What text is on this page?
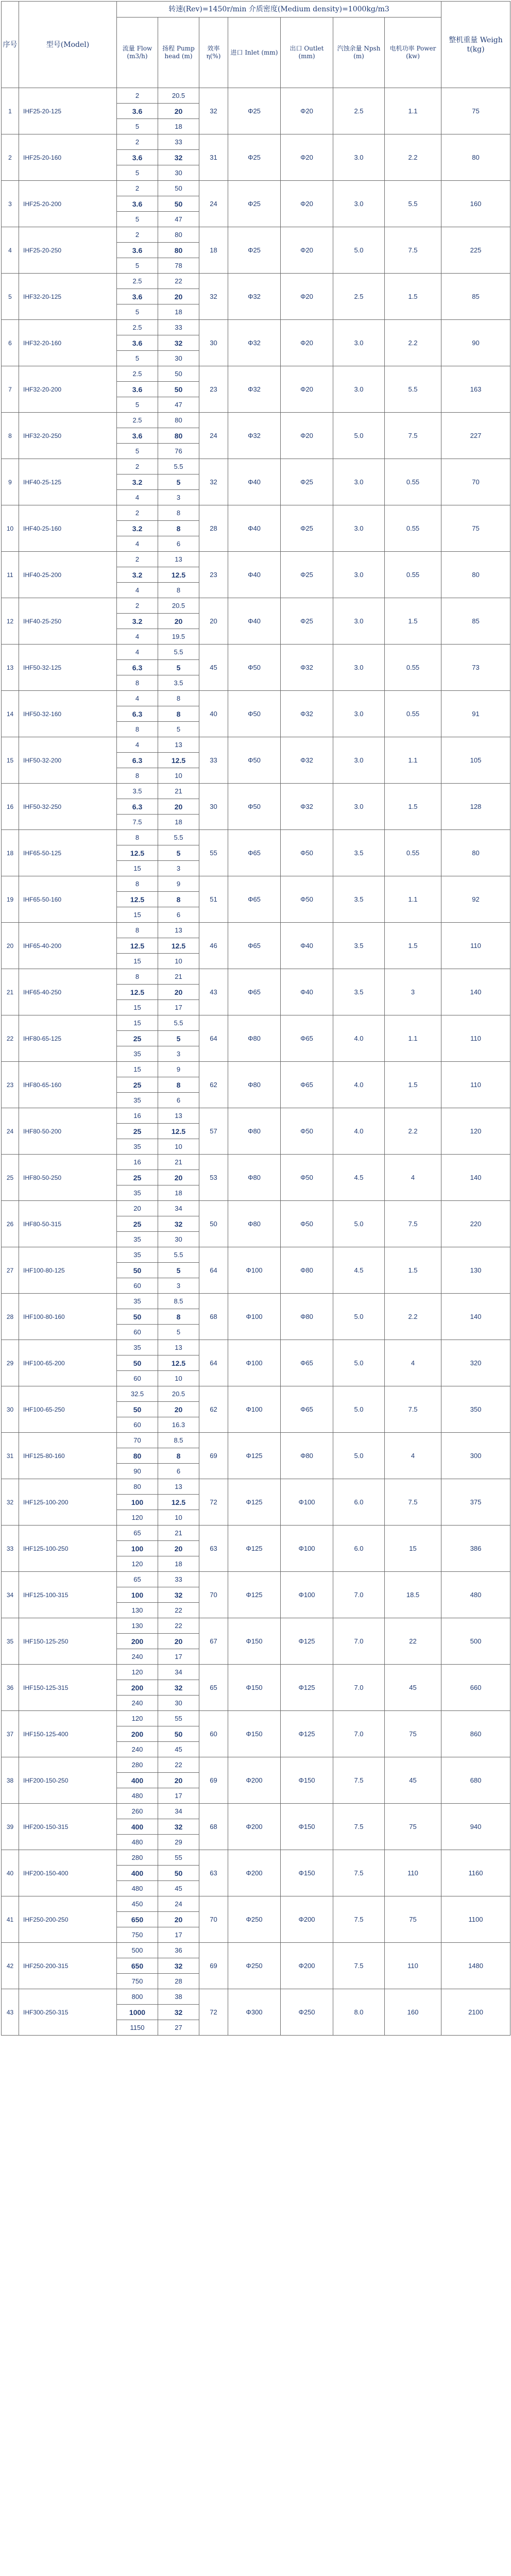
序号	型号(Model)	转速(Rev)=1450r/min 介质密度(Medium density)=1000kg/m3							整机重量 Weigh t(kg)
		流量 Flow (m3/h)	扬程 Pump head (m)	效率 η(%)	进口 Inlet (mm)	出口 Outlet (mm)	汽蚀余量 Npsh (m)	电机功率 Power (kw)	
1	IHF25-20-125	2	20.5	32	Φ25	Φ20	2.5	1.1	75
		3.6	20						
		5	18						
2	IHF25-20-160	2	33	31	Φ25	Φ20	3.0	2.2	80
		3.6	32						
		5	30						
3	IHF25-20-200	2	50	24	Φ25	Φ20	3.0	5.5	160
		3.6	50						
		5	47						
4	IHF25-20-250	2	80	18	Φ25	Φ20	5.0	7.5	225
		3.6	80						
		5	78						
5	IHF32-20-125	2.5	22	32	Φ32	Φ20	2.5	1.5	85
		3.6	20						
		5	18						
6	IHF32-20-160	2.5	33	30	Φ32	Φ20	3.0	2.2	90
		3.6	32						
		5	30						
7	IHF32-20-200	2.5	50	23	Φ32	Φ20	3.0	5.5	163
		3.6	50						
		5	47						
8	IHF32-20-250	2.5	80	24	Φ32	Φ20	5.0	7.5	227
		3.6	80						
		5	76						
9	IHF40-25-125	2	5.5	32	Φ40	Φ25	3.0	0.55	70
		3.2	5						
		4	3						
10	IHF40-25-160	2	8	28	Φ40	Φ25	3.0	0.55	75
		3.2	8						
		4	6						
11	IHF40-25-200	2	13	23	Φ40	Φ25	3.0	0.55	80
		3.2	12.5						
		4	8						
12	IHF40-25-250	2	20.5	20	Φ40	Φ25	3.0	1.5	85
		3.2	20						
		4	19.5						
13	IHF50-32-125	4	5.5	45	Φ50	Φ32	3.0	0.55	73
		6.3	5						
		8	3.5						
14	IHF50-32-160	4	8	40	Φ50	Φ32	3.0	0.55	91
		6.3	8						
		8	5						
15	IHF50-32-200	4	13	33	Φ50	Φ32	3.0	1.1	105
		6.3	12.5						
		8	10						
16	IHF50-32-250	3.5	21	30	Φ50	Φ32	3.0	1.5	128
		6.3	20						
		7.5	18						
18	IHF65-50-125	8	5.5	55	Φ65	Φ50	3.5	0.55	80
		12.5	5						
		15	3						
19	IHF65-50-160	8	9	51	Φ65	Φ50	3.5	1.1	92
		12.5	8						
		15	6						
20	IHF65-40-200	8	13	46	Φ65	Φ40	3.5	1.5	110
		12.5	12.5						
		15	10						
21	IHF65-40-250	8	21	43	Φ65	Φ40	3.5	3	140
		12.5	20						
		15	17						
22	IHF80-65-125	15	5.5	64	Φ80	Φ65	4.0	1.1	110
		25	5						
		35	3						
23	IHF80-65-160	15	9	62	Φ80	Φ65	4.0	1.5	110
		25	8						
		35	6						
24	IHF80-50-200	16	13	57	Φ80	Φ50	4.0	2.2	120
		25	12.5						
		35	10						
25	IHF80-50-250	16	21	53	Φ80	Φ50	4.5	4	140
		25	20						
		35	18						
26	IHF80-50-315	20	34	50	Φ80	Φ50	5.0	7.5	220
		25	32						
		35	30						
27	IHF100-80-125	35	5.5	64	Φ100	Φ80	4.5	1.5	130
		50	5						
		60	3						
28	IHF100-80-160	35	8.5	68	Φ100	Φ80	5.0	2.2	140
		50	8						
		60	5						
29	IHF100-65-200	35	13	64	Φ100	Φ65	5.0	4	320
		50	12.5						
		60	10						
30	IHF100-65-250	32.5	20.5	62	Φ100	Φ65	5.0	7.5	350
		50	20						
		60	16.3						
31	IHF125-80-160	70	8.5	69	Φ125	Φ80	5.0	4	300
		80	8						
		90	6						
32	IHF125-100-200	80	13	72	Φ125	Φ100	6.0	7.5	375
		100	12.5						
		120	10						
33	IHF125-100-250	65	21	63	Φ125	Φ100	6.0	15	386
		100	20						
		120	18						
34	IHF125-100-315	65	33	70	Φ125	Φ100	7.0	18.5	480
		100	32						
		130	22						
35	IHF150-125-250	130	22	67	Φ150	Φ125	7.0	22	500
		200	20						
		240	17						
36	IHF150-125-315	120	34	65	Φ150	Φ125	7.0	45	660
		200	32						
		240	30						
37	IHF150-125-400	120	55	60	Φ150	Φ125	7.0	75	860
		200	50						
		240	45						
38	IHF200-150-250	280	22	69	Φ200	Φ150	7.5	45	680
		400	20						
		480	17						
39	IHF200-150-315	260	34	68	Φ200	Φ150	7.5	75	940
		400	32						
		480	29						
40	IHF200-150-400	280	55	63	Φ200	Φ150	7.5	110	1160
		400	50						
		480	45						
41	IHF250-200-250	450	24	70	Φ250	Φ200	7.5	75	1100
		650	20						
		750	17						
42	IHF250-200-315	500	36	69	Φ250	Φ200	7.5	110	1480
		650	32						
		750	28						
43	IHF300-250-315	800	38	72	Φ300	Φ250	8.0	160	2100
		1000	32						
		1150	27						
